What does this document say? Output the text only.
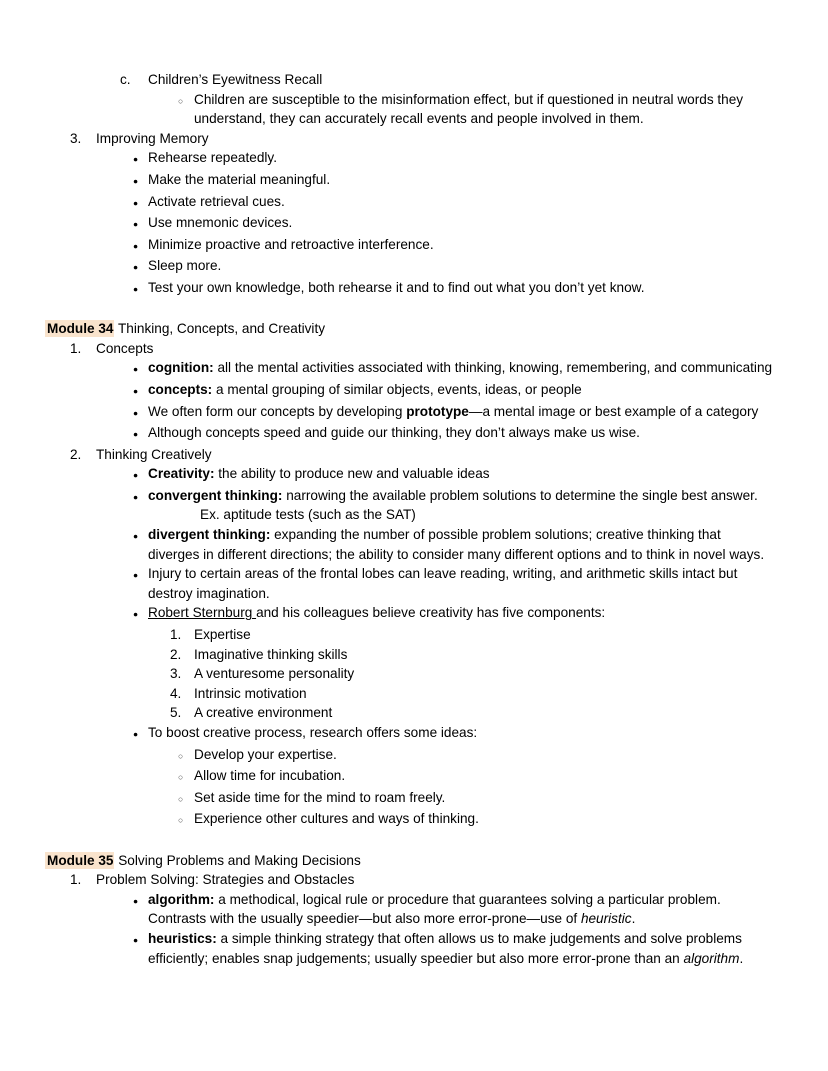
c.	Children’s Eyewitness Recall
○
Children are susceptible to the misinformation effect, but if questioned in neutral words they understand, they can accurately recall events and people involved in them.
3.	Improving Memory
●
Rehearse repeatedly.
●
Make the material meaningful.
●
Activate retrieval cues.
●
Use mnemonic devices.
●
Minimize proactive and retroactive interference.
●
Sleep more.
●
Test your own knowledge, both rehearse it and to find out what you don’t yet know.
Module 34 Thinking, Concepts, and Creativity
1.	Concepts
●
cognition: all the mental activities associated with thinking, knowing, remembering, and communicating
●
concepts: a mental grouping of similar objects, events, ideas, or people
●
We often form our concepts by developing prototype—a mental image or best example of a category
●
Although concepts speed and guide our thinking, they don’t always make us wise.
2.	Thinking Creatively
●
Creativity: the ability to produce new and valuable ideas
●
convergent thinking: narrowing the available problem solutions to determine the single best answer.Ex. aptitude tests (such as the SAT)
●
divergent thinking: expanding the number of possible problem solutions; creative thinking that diverges in different directions; the ability to consider many different options and to think in novel ways.
●
Injury to certain areas of the frontal lobes can leave reading, writing, and arithmetic skills intact but destroy imagination.
●
Robert Sternburg and his colleagues believe creativity has five components:
1. Expertise
2. Imaginative thinking skills
3. A venturesome personality
4. Intrinsic motivation
5. A creative environment
●
To boost creative process, research offers some ideas:
○
Develop your expertise.
○
Allow time for incubation.
○
Set aside time for the mind to roam freely.
○
Experience other cultures and ways of thinking.
Module 35 Solving Problems and Making Decisions
1.	Problem Solving: Strategies and Obstacles
●
algorithm: a methodical, logical rule or procedure that guarantees solving a particular problem. Contrasts with the usually speedier—but also more error-prone—use of heuristic.
●
heuristics: a simple thinking strategy that often allows us to make judgements and solve problems efficiently; enables snap judgements; usually speedier but also more error-prone than an algorithm.
